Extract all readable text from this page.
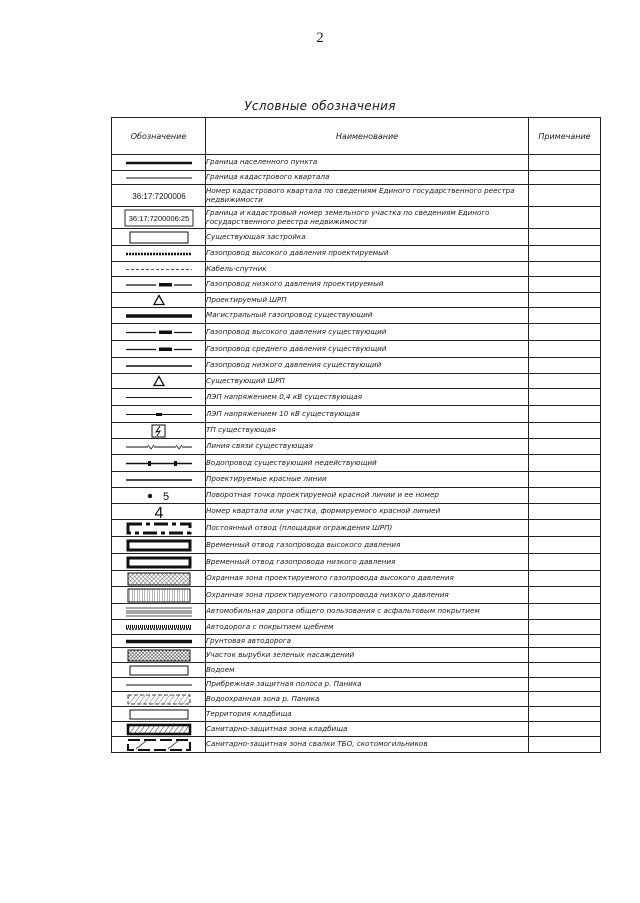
2
Условные обозначения
Обозначение	Наименование	Примечание

	Граница населенного пункта	

	Граница кадастрового квартала	

36:17:7200006	Номер кадастрового квартала по сведениям Единого государственного реестра недвижимости	

36:17:7200006:25	Граница и кадастровый номер земельного участка по сведениям Единого государственного реестра недвижимости	

	Существующая застройка	

	Газопровод высокого давления проектируемый	

	Кабель-спутник	

	Газопровод низкого давления проектируемый	

	Проектируемый ШРП	

	Магистральный газопровод существующий	

	Газопровод высокого давления существующий	

	Газопровод среднего давления существующий	

	Газопровод низкого давления существующий	

	Существующий ШРП	

	ЛЭП напряжением 0,4 кВ существующая	

	ЛЭП напряжением 10 кВ существующая	

	ТП существующая	

	Линия связи существующая	

	Водопровод существующий недействующий	

	Проектируемые красные линии	

5	Поворотная точка проектируемой красной линии и ее номер	

4	Номер квартала или участка, формируемого красной линией	

	Постоянный отвод (площадки ограждения ШРП)	

	Временный отвод газопровода высокого давления	

	Временный отвод газопровода низкого давления	

	Охранная зона проектируемого газопровода высокого давления	

	Охранная зона проектируемого газопровода низкого давления	

	Автомобильная дорога общего пользования с асфальтовым покрытием	

	Автодорога с покрытием щебнем	

	Грунтовая автодорога	

	Участок вырубки зеленых насаждений	

	Водоем	

	Прибрежная защитная полоса р. Паника	

	Водоохранная зона р. Паника	

	Территория кладбища	

	Санитарно-защитная зона кладбища	

	Санитарно-защитная зона свалки ТБО, скотомогильников	
